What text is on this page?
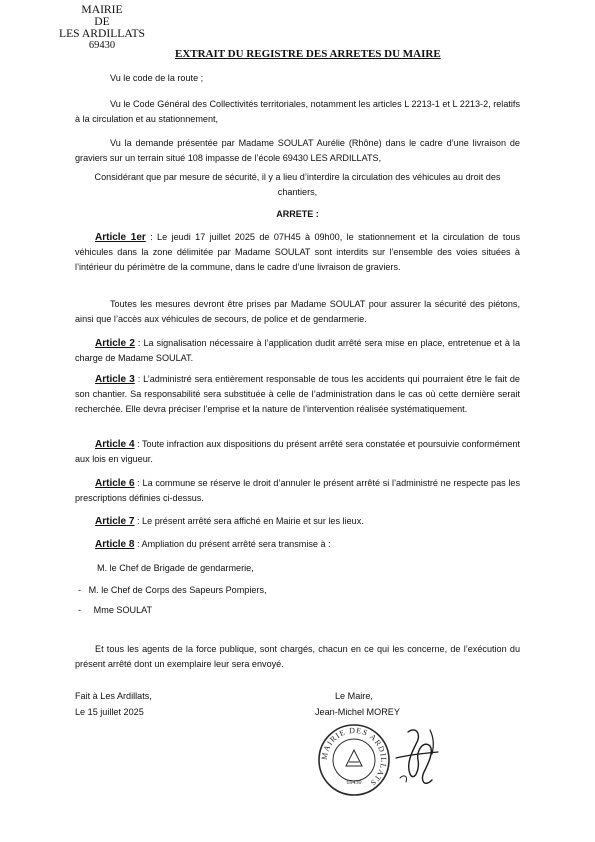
MAIRIE
DE
LES ARDILLATS
69430
EXTRAIT DU REGISTRE DES ARRETES DU MAIRE
Vu le code de la route ;
Vu le Code Général des Collectivités territoriales, notamment les articles L 2213-1 et L 2213-2, relatifs à la circulation et au stationnement,
Vu la demande présentée par Madame SOULAT Aurélie (Rhône) dans le cadre d’une livraison de graviers sur un terrain situé 108 impasse de l’école 69430 LES ARDILLATS,
Considérant que par mesure de sécurité, il y a lieu d’interdire la circulation des véhicules au droit des chantiers,
ARRETE :
Article 1er : Le jeudi 17 juillet 2025 de 07H45 à 09h00, le stationnement et la circulation de tous véhicules dans la zone délimitée par Madame SOULAT sont interdits sur l’ensemble des voies situées à l’intérieur du périmètre de la commune, dans le cadre d’une livraison de graviers.
Toutes les mesures devront être prises par Madame SOULAT pour assurer la sécurité des piétons, ainsi que l’accès aux véhicules de secours, de police et de gendarmerie.
Article 2 : La signalisation nécessaire à l’application dudit arrêté sera mise en place, entretenue et à la charge de Madame SOULAT.
Article 3 : L’administré sera entièrement responsable de tous les accidents qui pourraient être le fait de son chantier. Sa responsabilité sera substituée à celle de l’administration dans le cas où cette dernière serait recherchée. Elle devra préciser l’emprise et la nature de l’intervention réalisée systématiquement.
Article 4 : Toute infraction aux dispositions du présent arrêté sera constatée et poursuivie conformément aux lois en vigueur.
Article 6 : La commune se réserve le droit d’annuler le présent arrêté si l’administré ne respecte pas les prescriptions définies ci-dessus.
Article 7 : Le présent arrêté sera affiché en Mairie et sur les lieux.
Article 8 : Ampliation du présent arrêté sera transmise à :
M. le Chef de Brigade de gendarmerie,
-   M. le Chef de Corps des Sapeurs Pompiers,
-     Mme SOULAT
Et tous les agents de la force publique, sont chargés, chacun en ce qui les concerne, de l’exécution du présent arrêté dont un exemplaire leur sera envoyé.
Fait à Les Ardillats,
Le 15 juillet 2025
Le Maire,
Jean-Michel MOREY
MAIRIE DES ARDILLATS
69430
